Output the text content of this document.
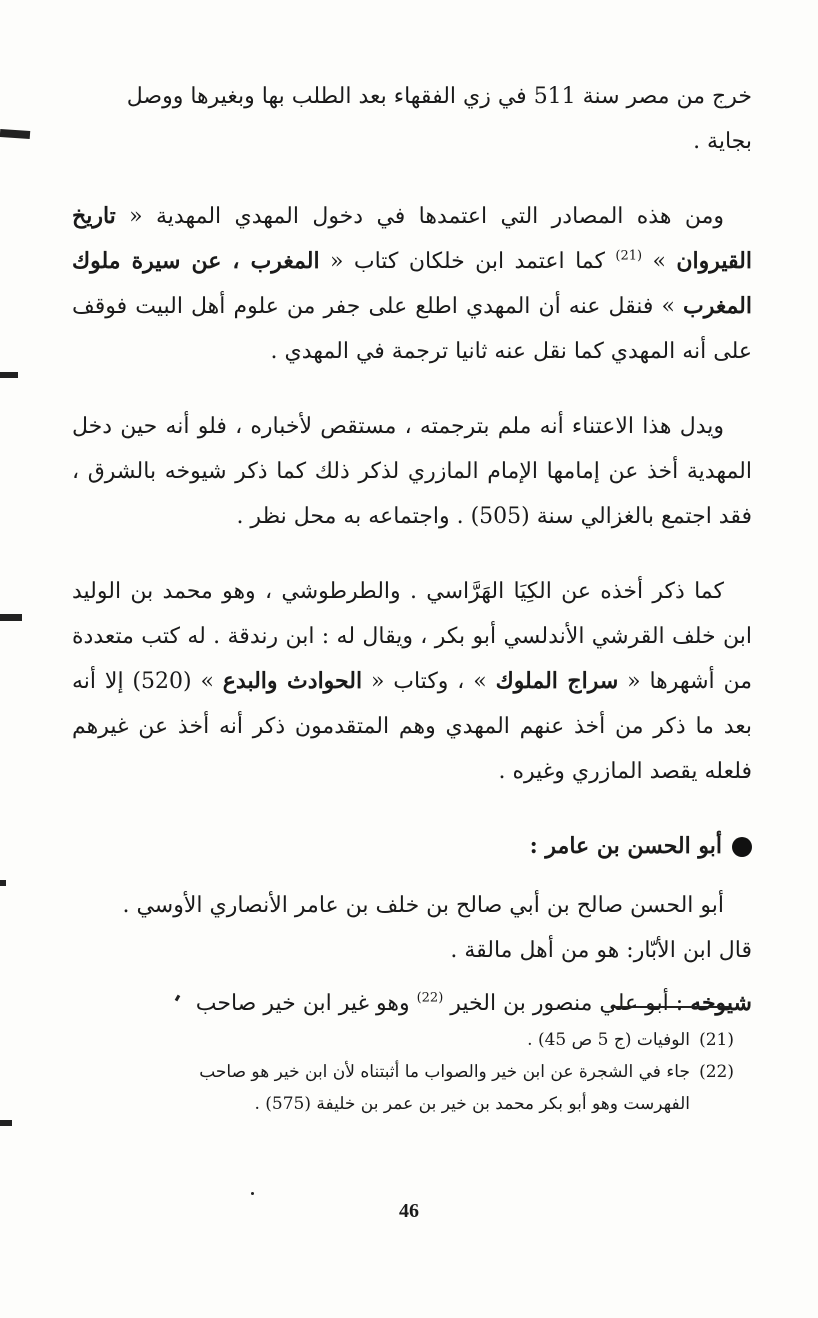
خرج من مصر سنة 511 في زي الفقهاء بعد الطلب بها وبغيرها ووصل

بجاية .

ومن هذه المصادر التي اعتمدها في دخول المهدي المهدية « تاريخ القيروان » $^{(21)}$ كما اعتمد ابن خلكان كتاب « المغرب ، عن سيرة ملوك المغرب » فنقل عنه أن المهدي اطلع على جفر من علوم أهل البيت فوقف على أنه المهدي كما نقل عنه ثانيا ترجمة في المهدي .

ويدل هذا الاعتناء أنه ملم بترجمته ، مستقص لأخباره ، فلو أنه حين دخل المهدية أخذ عن إمامها الإمام المازري لذكر ذلك كما ذكر شيوخه بالشرق ، فقد اجتمع بالغزالي سنة (505) . واجتماعه به محل نظر .

كما ذكر أخذه عن الكِيَا الهَرَّاسي . والطرطوشي ، وهو محمد بن الوليد ابن خلف القرشي الأندلسي أبو بكر ، ويقال له : ابن رندقة . له كتب متعددة من أشهرها « سراج الملوك » ، وكتاب « الحوادث والبدع » (520) إلا أنه بعد ما ذكر من أخذ عنهم المهدي وهم المتقدمون ذكر أنه أخذ عن غيرهم فلعله يقصد المازري وغيره .

أبو الحسن بن عامر :

أبو الحسن صالح بن أبي صالح بن خلف بن عامر الأنصاري الأوسي .

قال ابن الأبّار: هو من أهل مالقة .

شيوخه : أبو علي منصور بن الخير $^{(22)}$ وهو غير ابن خير صاحب

(21)الوفيات (ج 5 ص 45) .

(22)جاء في الشجرة عن ابن خير والصواب ما أثبتناه لأن ابن خير هو صاحب

الفهرست وهو أبو بكر محمد بن خير بن عمر بن خليفة (575) .

46
